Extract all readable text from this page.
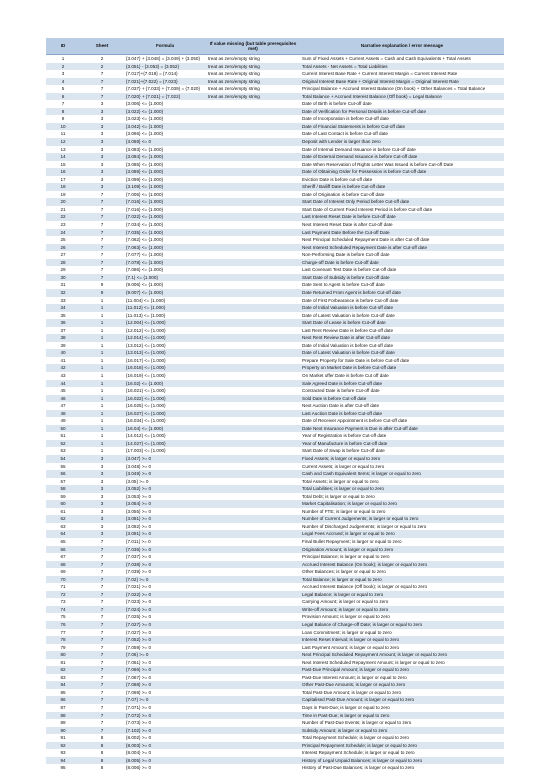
ID	Sheet	Formula	If value missing (but table prerequisites met)	Narrative explanation / error message
1	2	{3.047} + {3.048} = {3.049} + {3.050}	treat as zero/empty string	Sum of Fixed Assets + Current Assets = Cash and Cash Equivalents + Total Assets
2	2	{3.051} - {3.053} = {3.052}	treat as zero/empty string	Total Assets - Net Assets = Total Liabilities
3	7	{7.017}+{7.018} = {7.014}	treat as zero/empty string	Current Interest Base Rate + Current Interest Margin = Current Interest Rate
4	7	{7.021}+{7.022} = {7.023}	treat as zero/empty string	Original Interest Base Rate + Original Interest Margin = Original Interest Rate
5	7	{7.037} + {7.033} + {7.039} = {7.020}	treat as zero/empty string	Principal Balance + Accrued Interest Balance (On book) + Other Balances = Total Balance
6	7	{7.020} + {7.021} = {7.022}	treat as zero/empty string	Total Balance + Accrued Interest Balance (Off book) = Legal Balance
7	3	{3.006} <= {1.000}		Date of Birth is before Cut-off date
8	3	{3.022} <= {1.000}		Date of Verification for Personal Details is before Cut-off date
9	3	{3.023} <= {1.000}		Date of Incorporation is before Cut-off date
10	3	{3.042} <= {1.000}		Date of Financial Statements is before Cut-off date
11	3	{3.066} <= {1.000}		Date of Last Contact is before Cut-off date
12	3	{3.069} <= 0		Deposit with Lender is larger than zero
13	3	{3.083} <= {1.000}		Date of Internal Demand Issuance is before Cut-off date
14	3	{3.084} <= {1.000}		Date of External Demand Issuance is before Cut-off date
15	3	{3.085} <= {1.000}		Date When Reservation of Rights Letter Was Issued is before Cut-off Date
16	3	{3.089} <= {1.000}		Date of Obtaining Order for Possession is before Cut-off date
17	3	{3.099} <= {1.000}		Eviction Date is before cut-off date
18	3	{3.109} <= {1.000}		Sheriff / Bailiff Date is before Cut-off date
19	7	{7.006} <= {1.000}		Date of Origination is before Cut-off date
20	7	{7.016} <= {1.000}		Start Date of Interest Only Period before Cut-off date
21	7	{7.016} <= {1.000}		Start Date of Current Fixed Interest Period is before Cut-off date
22	7	{7.022} <= {1.000}		Last Interest Reset Date is before Cut-off date
23	7	{7.034} <= {1.000}		Next Interest Reset Date is after Cut-off date
24	7	{7.035} <= {1.000}		Last Payment Date Before the Cut-off Date
25	7	{7.062} <= {1.000}		Next Principal Scheduled Repayment Date is after Cut-off date
26	7	{7.063} <= {1.000}		Next Interest Scheduled Repayment Date is after Cut-off date
27	7	{7.077} <= {1.000}		Non-Performing Date is before Cut-off date
28	7	{7.078} <= {1.000}		Charge-off Date is before Cut-off date
29	7	{7.086} <= {1.000}		Last Covenant Test Date is before Cut-off date
30	7	{7.1} <= {1.000}		Start Date of Subsidy is before Cut-off date
31	9	{9.006} <= {1.000}		Date Sent to Agent is before Cut-off date
32	9	{9.007} <= {1.000}		Date Returned From Agent is before Cut-off date
33	1	{11.004} <= {1.000}		Date of First Forbearance is before Cut-off date
34	1	{11.012} <= {1.000}		Date of Initial Valuation is before Cut-off date
35	1	{11.013} <= {1.000}		Date of Latest Valuation is before Cut-off date
36	1	{12.004} <= {1.000}		Start Date of Lease is before Cut-off date
37	1	{12.012} <= {1.000}		Last Rent Review Date is before Cut-off date
38	1	{12.014} <= {1.000}		Next Rent Review Date is after Cut-off date
39	1	{13.012} <= {1.000}		Date of Initial Valuation is before Cut-off date
40	1	{13.013} <= {1.000}		Date of Latest Valuation is before Cut-off date
41	1	{16.017} <= {1.000}		Prepare Property for Sale Date is before Cut-off date
42	1	{16.018} <= {1.000}		Property on Market Date is before Cut-off date
43	1	{16.019} <= {1.000}		On Market offer Date is before Cut off date
44	1	{16.02} <= {1.000}		Sale Agreed Date is before Cut-off date
45	1	{16.021} <= {1.000}		Contracted Date is before Cut-off date
46	1	{16.022} <= {1.000}		Sold Date is before Cut-off date
47	1	{16.025} <= {1.000}		Next Auction Date is after Cut-off date
48	1	{16.027} <= {1.000}		Last Auction Date is before Cut-off date
49	1	{16.034} <= {1.000}		Date of Receiver Appointment is before Cut-off date
50	1	{16.04} <= {1.000}		Date Next Insurance Payment is Due is after Cut-off date
51	1	{14.012} <= {1.000}		Year of Registration is before Cut-off date
52	1	{14.027} <= {1.000}		Year of Manufacture is before Cut-off date
53	1	{17.003} <= {1.000}		Start Date of Swap is before Cut-off date
54	3	{3.047} >= 0		Fixed Assets; is larger or equal to zero
55	3	{3.048} >= 0		Current Assets; is larger or equal to zero
56	3	{3.049} >= 0		Cash and Cash Equivalent Items; is larger or equal to zero
57	3	{3.05} >= 0		Total Assets; is larger or equal to zero
58	3	{3.052} >= 0		Total Liabilities; is larger or equal to zero
59	3	{3.053} >= 0		Total Debt; is larger or equal to zero
60	3	{3.054} >= 0		Market Capitalisation; is larger or equal to zero
61	3	{3.055} >= 0		Number of FTE; is larger or equal to zero
62	3	{3.081} >= 0		Number of Current Judgements; is larger or equal to zero
63	3	{3.082} >= 0		Number of Discharged Judgements; is larger or equal to zero
64	3	{3.091} >= 0		Legal Fees Accrued; is larger or equal to zero
65	7	{7.011} >= 0		Final Bullet Repayment; is larger or equal to zero
66	7	{7.036} >= 0		Origination Amount; is larger or equal to zero
67	7	{7.037} >= 0		Principal Balance; is larger or equal to zero
68	7	{7.038} >= 0		Accrued Interest Balance (On book); is larger or equal to zero
69	7	{7.039} >= 0		Other Balances; is larger or equal to zero
70	7	{7.02} >= 0		Total Balance; is larger or equal to zero
71	7	{7.021} >= 0		Accrued Interest Balance (Off book); is larger or equal to zero
72	7	{7.022} >= 0		Legal Balance; is larger or equal to zero
73	7	{7.023} >= 0		Carrying Amount; is larger or equal to zero
74	7	{7.024} >= 0		Write-off Amount; is larger or equal to zero
75	7	{7.025} >= 0		Provision Amount; is larger or equal to zero
76	7	{7.027} >= 0		Legal Balance of Charge-off Date; is larger or equal to zero
77	7	{7.027} >= 0		Loan Commitment; is larger or equal to zero
78	7	{7.052} >= 0		Interest Reset Interval; is larger or equal to zero
79	7	{7.059} >= 0		Last Payment Amount; is larger or equal to zero
80	7	{7.06} >= 0		Next Principal Scheduled Repayment Amount; is larger or equal to zero
81	7	{7.061} >= 0		Next Interest Scheduled Repayment Amount; is larger or equal to zero
82	7	{7.066} >= 0		Past-Due Principal Amount; is larger or equal to zero
83	7	{7.067} >= 0		Past-Due Interest Amount; is larger or equal to zero
84	7	{7.068} >= 0		Other Past-Due Amounts; is larger or equal to zero
85	7	{7.069} >= 0		Total Past-Due Amount; is larger or equal to zero
86	7	{7.07} >= 0		Capitalised Past-Due Amount; is larger or equal to zero
87	7	{7.071} >= 0		Days in Past-Due; is larger or equal to zero
88	7	{7.072} >= 0		Time in Past-Due; is larger or equal to zero
89	7	{7.073} >= 0		Number of Past-Due Events; is larger or equal to zero
90	7	{7.102} >= 0		Subsidy Amount; is larger or equal to zero
91	8	{8.002} >= 0		Total Repayment Schedule; is larger or equal to zero
92	8	{8.003} >= 0		Principal Repayment Schedule; is larger or equal to zero
93	8	{8.004} >= 0		Interest Repayment Schedule; is larger or equal to zero
94	8	{8.005} >= 0		History of Legal Unpaid Balances; is larger or equal to zero
95	8	{8.006} >= 0		History of Past-Due Balances; is larger or equal to zero
